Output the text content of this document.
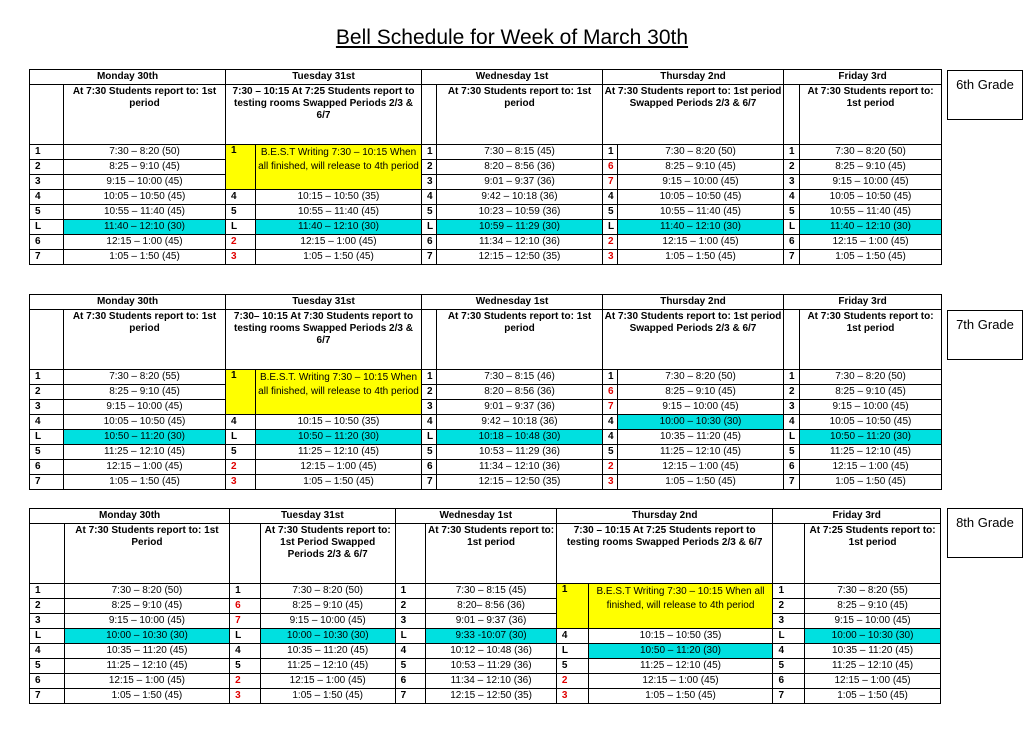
Bell Schedule for Week of March 30th
Monday 30th		Tuesday 31st		Wednesday 1st		Thursday 2nd		Friday 3rd	
	At 7:30 Students report to: 1st period	7:30 – 10:15 At 7:25 Students report to testing rooms Swapped Periods 2/3 & 6/7			At 7:30 Students report to: 1st period	At 7:30 Students report to: 1st period Swapped Periods 2/3 & 6/7			At 7:30 Students report to: 1st period
1	7:30 – 8:20 (50)	1	B.E.S.T Writing 7:30 – 10:15 When all finished, will release to 4th period	1	7:30 – 8:15 (45)	1	7:30 – 8:20 (50)	1	7:30 – 8:20 (50)
2	8:25 – 9:10 (45)			2	8:20 – 8:56 (36)	6	8:25 – 9:10 (45)	2	8:25 – 9:10 (45)
3	9:15 – 10:00 (45)			3	9:01 – 9:37 (36)	7	9:15 – 10:00 (45)	3	9:15 – 10:00 (45)
4	10:05 – 10:50 (45)	4	10:15 – 10:50 (35)	4	9:42 – 10:18 (36)	4	10:05 – 10:50 (45)	4	10:05 – 10:50 (45)
5	10:55 – 11:40 (45)	5	10:55 – 11:40 (45)	5	10:23 – 10:59 (36)	5	10:55 – 11:40 (45)	5	10:55 – 11:40 (45)
L	11:40 – 12:10 (30)	L	11:40 – 12:10 (30)	L	10:59 – 11:29 (30)	L	11:40 – 12:10 (30)	L	11:40 – 12:10 (30)
6	12:15 – 1:00 (45)	2	12:15 – 1:00 (45)	6	11:34 – 12:10 (36)	2	12:15 – 1:00 (45)	6	12:15 – 1:00 (45)
7	1:05 – 1:50 (45)	3	1:05 – 1:50 (45)	7	12:15 – 12:50 (35)	3	1:05 – 1:50 (45)	7	1:05 – 1:50 (45)
6th Grade
Monday 30th		Tuesday 31st		Wednesday 1st		Thursday 2nd		Friday 3rd	
	At 7:30 Students report to: 1st period	7:30– 10:15 At 7:30 Students report to testing rooms Swapped Periods 2/3 & 6/7			At 7:30 Students report to: 1st period	At 7:30 Students report to: 1st period Swapped Periods 2/3 & 6/7			At 7:30 Students report to: 1st period
1	7:30 – 8:20 (55)	1	B.E.S.T. Writing 7:30 – 10:15 When all finished, will release to 4th period	1	7:30 – 8:15 (46)	1	7:30 – 8:20 (50)	1	7:30 – 8:20 (50)
2	8:25 – 9:10 (45)			2	8:20 – 8:56 (36)	6	8:25 – 9:10 (45)	2	8:25 – 9:10 (45)
3	9:15 – 10:00 (45)			3	9:01 – 9:37 (36)	7	9:15 – 10:00 (45)	3	9:15 – 10:00 (45)
4	10:05 – 10:50 (45)	4	10:15 – 10:50 (35)	4	9:42 – 10:18 (36)	4	10:00 – 10:30 (30)	4	10:05 – 10:50 (45)
L	10:50 – 11:20 (30)	L	10:50 – 11:20 (30)	L	10:18 – 10:48 (30)	4	10:35 – 11:20 (45)	L	10:50 – 11:20 (30)
5	11:25 – 12:10 (45)	5	11:25 – 12:10 (45)	5	10:53 – 11:29 (36)	5	11:25 – 12:10 (45)	5	11:25 – 12:10 (45)
6	12:15 – 1:00 (45)	2	12:15 – 1:00 (45)	6	11:34 – 12:10 (36)	2	12:15 – 1:00 (45)	6	12:15 – 1:00 (45)
7	1:05 – 1:50 (45)	3	1:05 – 1:50 (45)	7	12:15 – 12:50 (35)	3	1:05 – 1:50 (45)	7	1:05 – 1:50 (45)
7th Grade
Monday 30th		Tuesday 31st		Wednesday 1st		Thursday 2nd		Friday 3rd	
	At 7:30 Students report to: 1st Period		At 7:30 Students report to: 1st Period Swapped Periods 2/3 & 6/7		At 7:30 Students report to: 1st period	7:30 – 10:15 At 7:25 Students report to testing rooms Swapped Periods 2/3 & 6/7			At 7:25 Students report to: 1st period
1	7:30 – 8:20 (50)	1	7:30 – 8:20 (50)	1	7:30 – 8:15 (45)	1	B.E.S.T Writing 7:30 – 10:15 When all finished, will release to 4th period	1	7:30 – 8:20 (55)
2	8:25 – 9:10 (45)	6	8:25 – 9:10 (45)	2	8:20– 8:56 (36)			2	8:25 – 9:10 (45)
3	9:15 – 10:00 (45)	7	9:15 – 10:00 (45)	3	9:01 – 9:37 (36)			3	9:15 – 10:00 (45)
L	10:00 – 10:30 (30)	L	10:00 – 10:30 (30)	L	9:33 -10:07 (30)	4	10:15 – 10:50 (35)	L	10:00 – 10:30 (30)
4	10:35 – 11:20 (45)	4	10:35 – 11:20 (45)	4	10:12 – 10:48 (36)	L	10:50 – 11:20 (30)	4	10:35 – 11:20 (45)
5	11:25 – 12:10 (45)	5	11:25 – 12:10 (45)	5	10:53 – 11:29 (36)	5	11:25 – 12:10 (45)	5	11:25 – 12:10 (45)
6	12:15 – 1:00 (45)	2	12:15 – 1:00 (45)	6	11:34 – 12:10 (36)	2	12:15 – 1:00 (45)	6	12:15 – 1:00 (45)
7	1:05 – 1:50 (45)	3	1:05 – 1:50 (45)	7	12:15 – 12:50 (35)	3	1:05 – 1:50 (45)	7	1:05 – 1:50 (45)
8th Grade
